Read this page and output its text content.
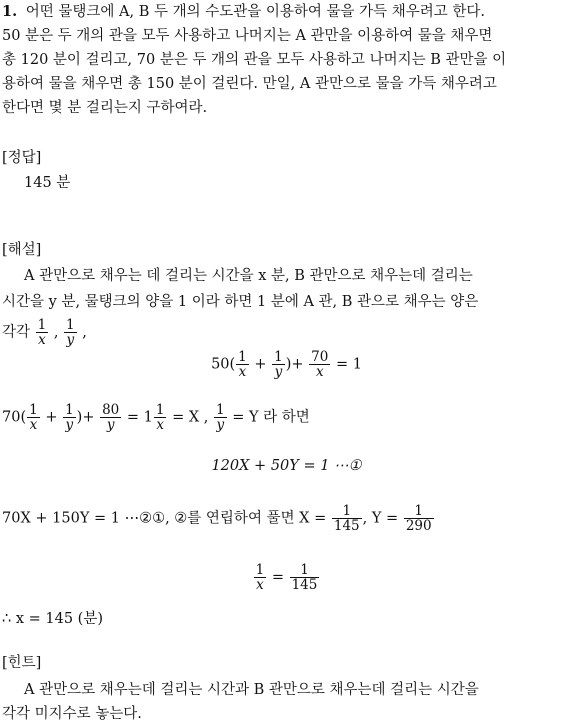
1. 어떤 물탱크에 A, B 두 개의 수도관을 이용하여 물을 가득 채우려고 한다.
50 분은 두 개의 관을 모두 사용하고 나머지는 A 관만을 이용하여 물을 채우면
총 120 분이 걸리고, 70 분은 두 개의 관을 모두 사용하고 나머지는 B 관만을 이
용하여 물을 채우면 총 150 분이 걸린다. 만일, A 관만으로 물을 가득 채우려고
한다면 몇 분 걸리는지 구하여라.
[정답]
145 분
[해설]
A 관만으로 채우는 데 걸리는 시간을 x 분, B 관만으로 채우는데 걸리는
시간을 y 분, 물탱크의 양을 1 이라 하면 1 분에 A 관, B 관으로 채우는 양은
각각 $\frac{1}{x}$ , $\frac{1}{y}$ ,
$50( \frac{1}{x} + \frac{1}{y}$ )+ $\frac{70}{x} = 1$
$70( \frac{1}{x} + \frac{1}{y}$ )+ $\frac{80}{y} = 1 \frac{1}{x} = X$ , $\frac{1}{y} = Y$ 라 하면
120X + 50Y = 1 ⋯①
70X + 150Y = 1 ⋯②①, ②를 연립하여 풀면 $X = \frac{1}{145}$ , $Y = \frac{1}{290}$
$\frac{1}{x} = \frac{1}{145}$
∴ x = 145 (분)
[힌트]
A 관만으로 채우는데 걸리는 시간과 B 관만으로 채우는데 걸리는 시간을
각각 미지수로 놓는다.
